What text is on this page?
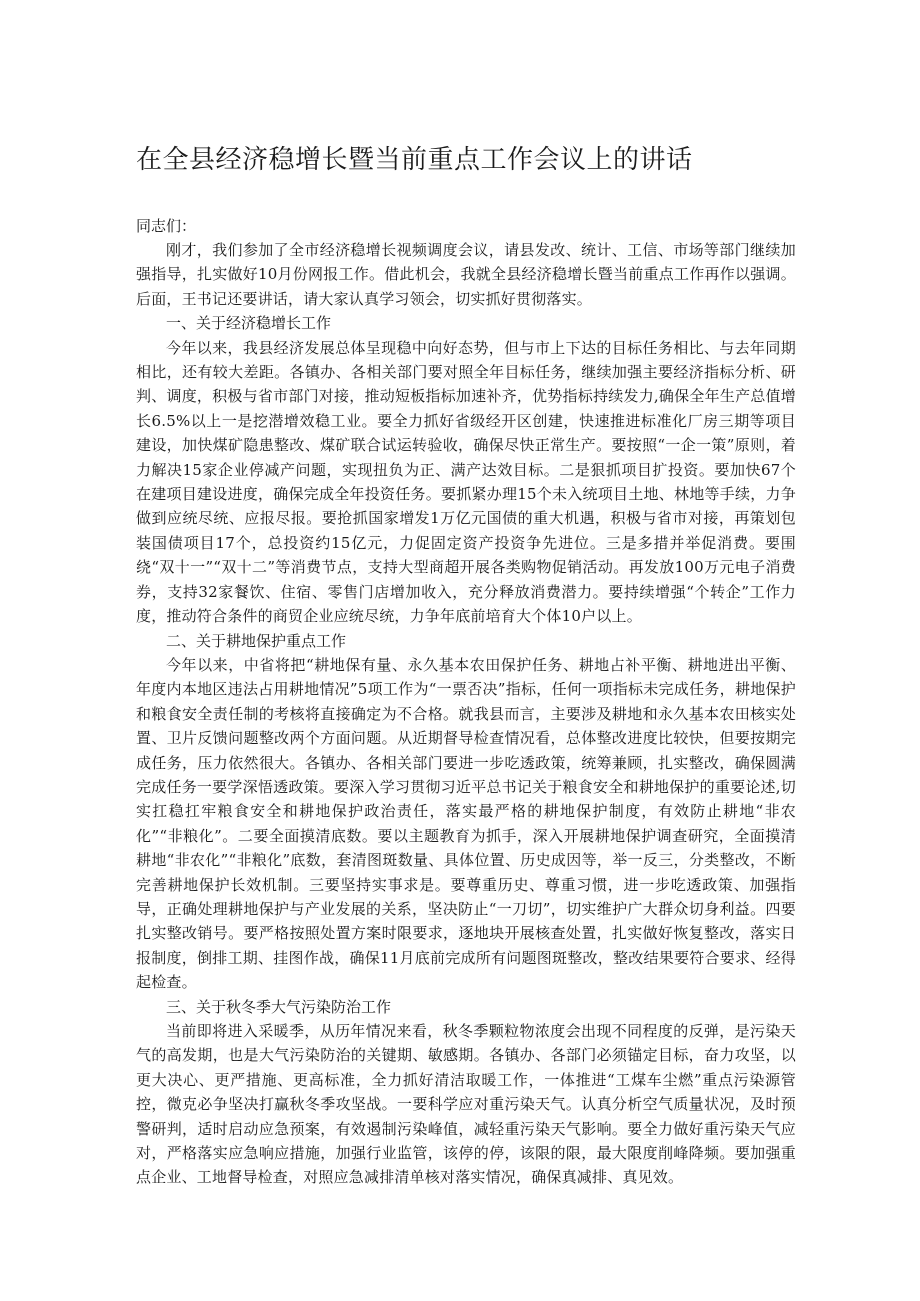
在全县经济稳增长暨当前重点工作会议上的讲话

同志们：

刚才，我们参加了全市经济稳增长视频调度会议，请县发改、统计、工信、市场等部门继续加强指导，扎实做好10月份网报工作。借此机会，我就全县经济稳增长暨当前重点工作再作以强调。后面，王书记还要讲话，请大家认真学习领会，切实抓好贯彻落实。

一、关于经济稳增长工作

今年以来，我县经济发展总体呈现稳中向好态势，但与市上下达的目标任务相比、与去年同期相比，还有较大差距。各镇办、各相关部门要对照全年目标任务，继续加强主要经济指标分析、研判、调度，积极与省市部门对接，推动短板指标加速补齐，优势指标持续发力,确保全年生产总值增长6.5%以上一是挖潜增效稳工业。要全力抓好省级经开区创建，快速推进标准化厂房三期等项目建设，加快煤矿隐患整改、煤矿联合试运转验收，确保尽快正常生产。要按照“一企一策”原则，着力解决15家企业停减产问题，实现扭负为正、满产达效目标。二是狠抓项目扩投资。要加快67个在建项目建设进度，确保完成全年投资任务。要抓紧办理15个未入统项目土地、林地等手续，力争做到应统尽统、应报尽报。要抢抓国家增发1万亿元国债的重大机遇，积极与省市对接，再策划包装国债项目17个，总投资约15亿元，力促固定资产投资争先进位。三是多措并举促消费。要围绕“双十一”“双十二”等消费节点，支持大型商超开展各类购物促销活动。再发放100万元电子消费券，支持32家餐饮、住宿、零售门店增加收入，充分释放消费潜力。要持续增强“个转企”工作力度，推动符合条件的商贸企业应统尽统，力争年底前培育大个体10户以上。

二、关于耕地保护重点工作

今年以来，中省将把“耕地保有量、永久基本农田保护任务、耕地占补平衡、耕地进出平衡、年度内本地区违法占用耕地情况”5项工作为“一票否决”指标，任何一项指标未完成任务，耕地保护和粮食安全责任制的考核将直接确定为不合格。就我县而言，主要涉及耕地和永久基本农田核实处置、卫片反馈问题整改两个方面问题。从近期督导检查情况看，总体整改进度比较快，但要按期完成任务，压力依然很大。各镇办、各相关部门要进一步吃透政策，统筹兼顾，扎实整改，确保圆满完成任务一要学深悟透政策。要深入学习贯彻习近平总书记关于粮食安全和耕地保护的重要论述,切实扛稳扛牢粮食安全和耕地保护政治责任，落实最严格的耕地保护制度，有效防止耕地“非农化”“非粮化”。二要全面摸清底数。要以主题教育为抓手，深入开展耕地保护调查研究，全面摸清耕地“非农化”“非粮化”底数，套清图斑数量、具体位置、历史成因等，举一反三，分类整改，不断完善耕地保护长效机制。三要坚持实事求是。要尊重历史、尊重习惯，进一步吃透政策、加强指导，正确处理耕地保护与产业发展的关系，坚决防止“一刀切”，切实维护广大群众切身利益。四要扎实整改销号。要严格按照处置方案时限要求，逐地块开展核查处置，扎实做好恢复整改，落实日报制度，倒排工期、挂图作战，确保11月底前完成所有问题图斑整改，整改结果要符合要求、经得起检查。

三、关于秋冬季大气污染防治工作

当前即将进入采暖季，从历年情况来看，秋冬季颗粒物浓度会出现不同程度的反弹，是污染天气的高发期，也是大气污染防治的关键期、敏感期。各镇办、各部门必须锚定目标，奋力攻坚，以更大决心、更严措施、更高标准，全力抓好清洁取暖工作，一体推进“工煤车尘燃”重点污染源管控，微克必争坚决打赢秋冬季攻坚战。一要科学应对重污染天气。认真分析空气质量状况，及时预警研判，适时启动应急预案，有效遏制污染峰值，减轻重污染天气影响。要全力做好重污染天气应对，严格落实应急响应措施，加强行业监管，该停的停，该限的限，最大限度削峰降频。要加强重点企业、工地督导检查，对照应急减排清单核对落实情况，确保真减排、真见效。
